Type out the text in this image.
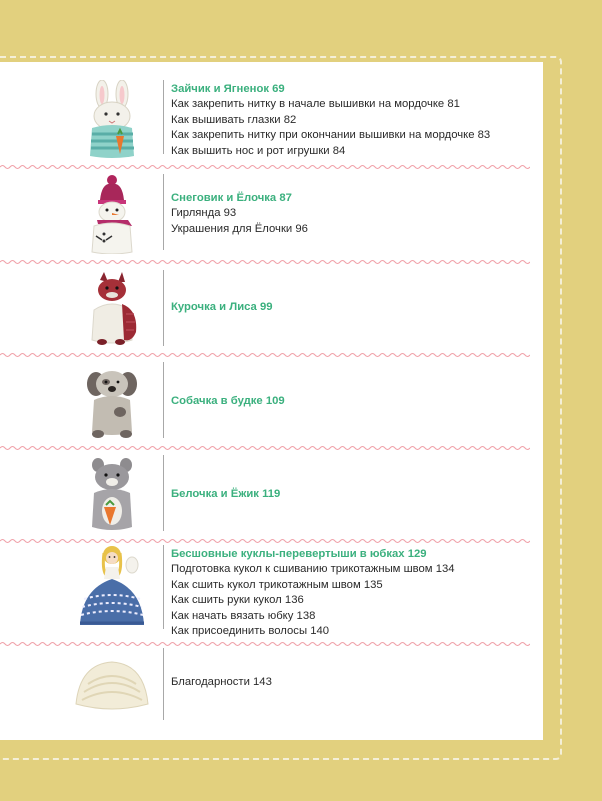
Зайчик и Ягненок 69
Как закрепить нитку в начале вышивки на мордочке 81
Как вышивать глазки 82
Как закрепить нитку при окончании вышивки на мордочке 83
Как вышить нос и рот игрушки 84
Снеговик и Ёлочка 87
Гирлянда 93
Украшения для Ёлочки 96
Курочка и Лиса 99
Собачка в будке 109
Белочка и Ёжик 119
Бесшовные куклы-перевертыши в юбках 129
Подготовка кукол к сшиванию трикотажным швом 134
Как сшить кукол трикотажным швом 135
Как сшить руки кукол 136
Как начать вязать юбку 138
Как присоединить волосы 140
Благодарности 143
